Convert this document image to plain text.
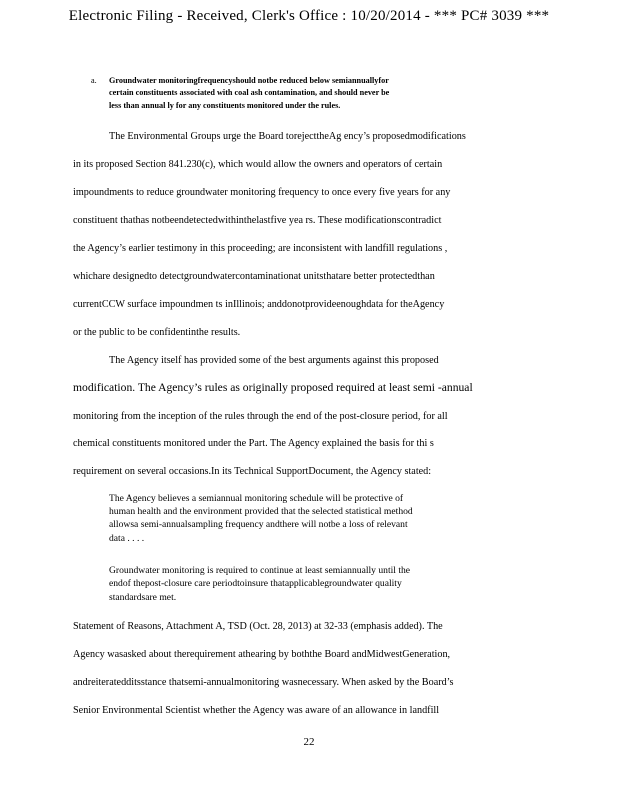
Electronic Filing - Received, Clerk's Office : 10/20/2014 - *** PC# 3039 ***
a. Groundwater monitoringfrequencyshould notbe reduced below semiannuallyfor
certain constituents associated with coal ash contamination, and should never be
less than annual ly for any constituents monitored under the rules.
The Environmental Groups urge the Board torejecttheAg ency’s proposedmodifications
in its proposed Section 841.230(c), which would allow the owners and operators of certain
impoundments to reduce groundwater monitoring frequency to once every five years for any
constituent thathas notbeendetectedwithinthelastfive yea rs. These modificationscontradict
the Agency’s earlier testimony in this proceeding; are inconsistent with landfill regulations ,
whichare designedto detectgroundwatercontaminationat unitsthatare better protectedthan
currentCCW surface impoundmen ts inIllinois; anddonotprovideenoughdata for theAgency
or the public to be confidentinthe results.
The Agency itself has provided some of the best arguments against this proposed
modification. The Agency’s rules as originally proposed required at least semi -annual
monitoring from the inception of the rules through the end of the post-closure period, for all
chemical constituents monitored under the Part. The Agency explained the basis for thi s
requirement on several occasions.In its Technical SupportDocument, the Agency stated:
The Agency believes a semiannual monitoring schedule will be protective of
human health and the environment provided that the selected statistical method
allowsa semi-annualsampling frequency andthere will notbe a loss of relevant
data . . . .
Groundwater monitoring is required to continue at least semiannually until the
endof thepost-closure care periodtoinsure thatapplicablegroundwater quality
standardsare met.
Statement of Reasons, Attachment A, TSD (Oct. 28, 2013) at 32-33 (emphasis added). The
Agency wasasked about therequirement athearing by boththe Board andMidwestGeneration,
andreiteratedditsstance thatsemi-annualmonitoring wasnecessary. When asked by the Board’s
Senior Environmental Scientist whether the Agency was aware of an allowance in landfill
22
